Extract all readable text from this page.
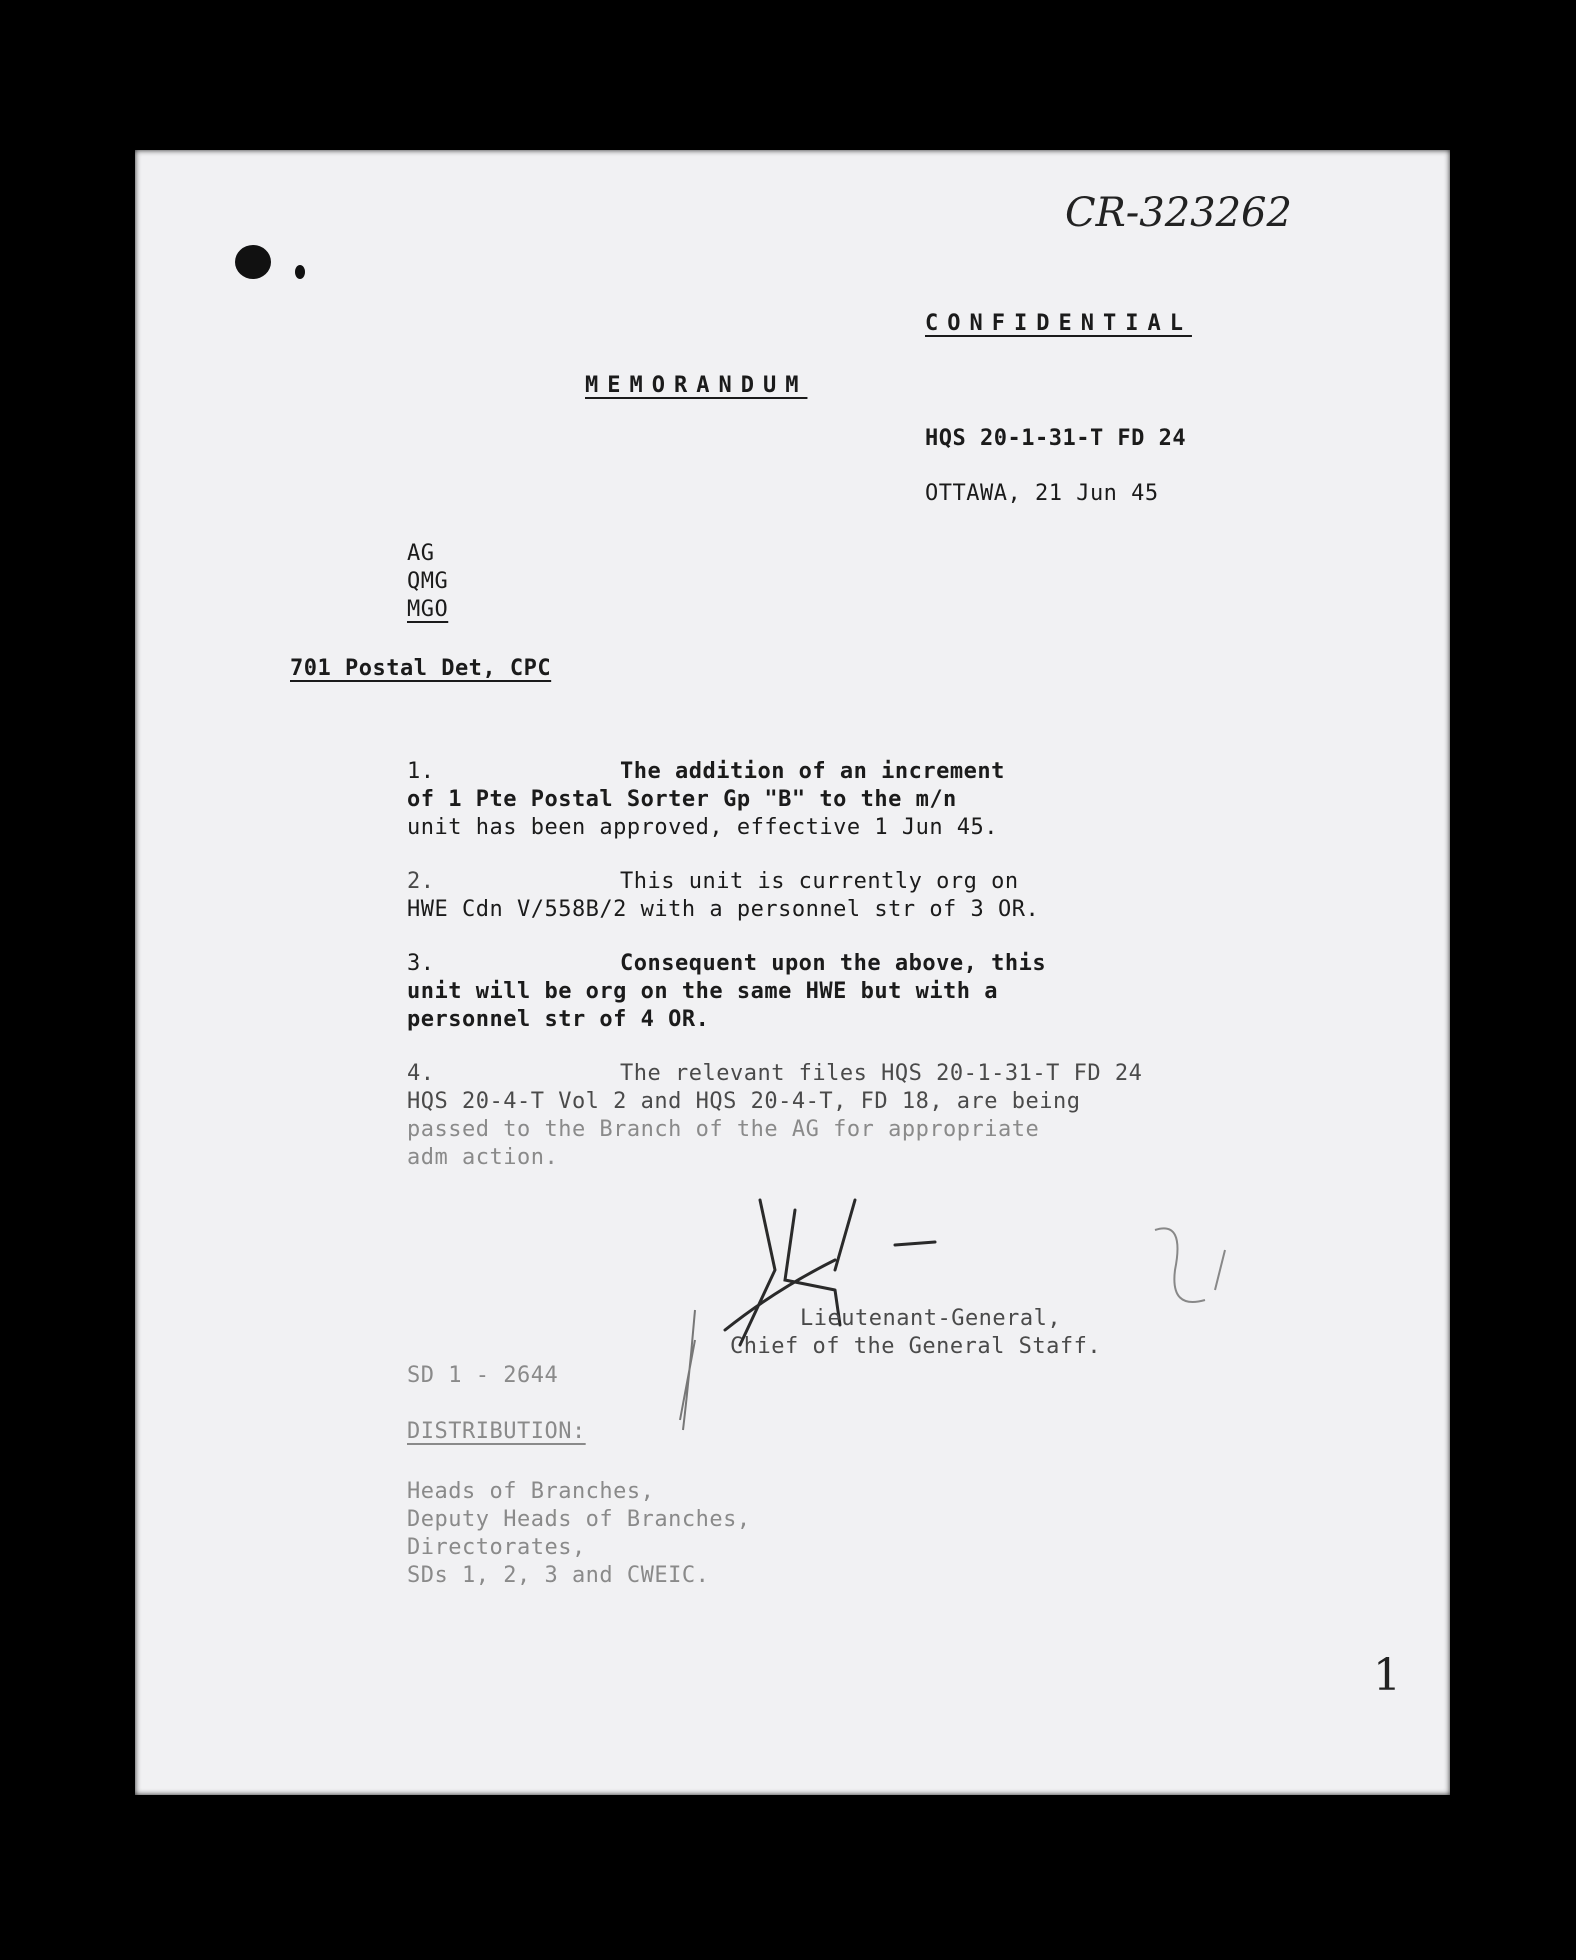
CR-323262
CONFIDENTIAL
MEMORANDUM
HQS 20-1-31-T FD 24
OTTAWA, 21 Jun 45
AG
QMG
MGO
701 Postal Det, CPC
1.	The addition of an increment
of 1 Pte Postal Sorter Gp "B" to the m/n
unit has been approved, effective 1 Jun 45.
2.	This unit is currently org on
HWE Cdn V/558B/2 with a personnel str of 3 OR.
3.	Consequent upon the above, this
unit will be org on the same HWE but with a
personnel str of 4 OR.
4.	The relevant files HQS 20-1-31-T FD 24
HQS 20-4-T Vol 2 and HQS 20-4-T, FD 18, are being
passed to the Branch of the AG for appropriate
adm action.
Lieutenant-General,
Chief of the General Staff.
SD 1 - 2644
DISTRIBUTION:
Heads of Branches,
Deputy Heads of Branches,
Directorates,
SDs 1, 2, 3 and CWEIC.
1
